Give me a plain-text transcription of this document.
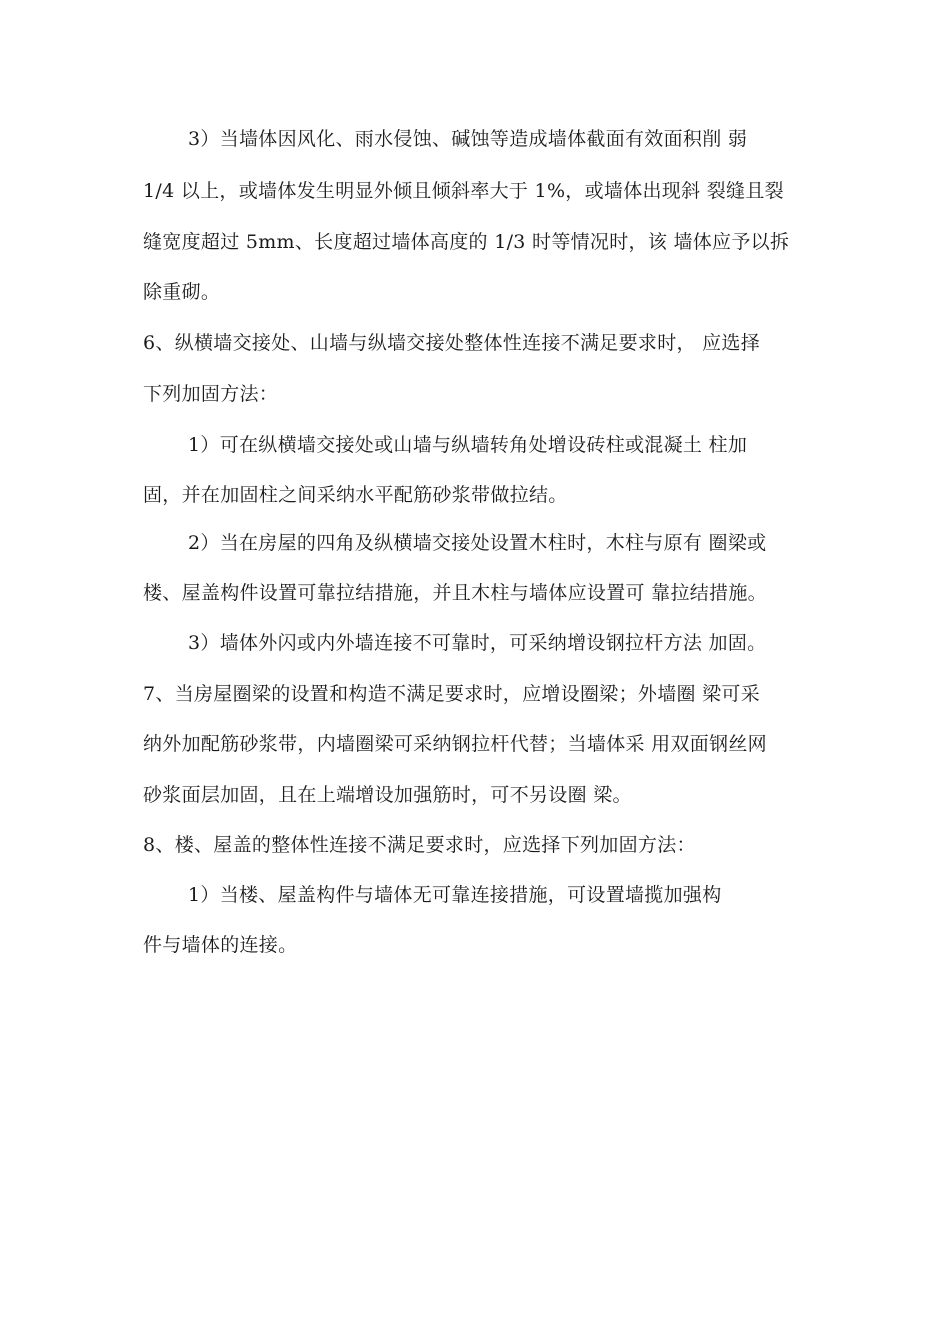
3）当墙体因风化、雨水侵蚀、碱蚀等造成墙体截面有效面积削 弱
1/4 以上，或墙体发生明显外倾且倾斜率大于 1%，或墙体出现斜 裂缝且裂
缝宽度超过 5mm、长度超过墙体高度的 1/3 时等情况时，该 墙体应予以拆
除重砌。
6、纵横墙交接处、山墙与纵墙交接处整体性连接不满足要求时， 应选择
下列加固方法：
1）可在纵横墙交接处或山墙与纵墙转角处增设砖柱或混凝土 柱加
固，并在加固柱之间采纳水平配筋砂浆带做拉结。
2）当在房屋的四角及纵横墙交接处设置木柱时，木柱与原有 圈梁或
楼、屋盖构件设置可靠拉结措施，并且木柱与墙体应设置可 靠拉结措施。
3）墙体外闪或内外墙连接不可靠时，可采纳增设钢拉杆方法 加固。
7、当房屋圈梁的设置和构造不满足要求时，应增设圈梁；外墙圈 梁可采
纳外加配筋砂浆带，内墙圈梁可采纳钢拉杆代替；当墙体采 用双面钢丝网
砂浆面层加固，且在上端增设加强筋时，可不另设圈 梁。
8、楼、屋盖的整体性连接不满足要求时，应选择下列加固方法：
1）当楼、屋盖构件与墙体无可靠连接措施，可设置墙揽加强构
件与墙体的连接。
